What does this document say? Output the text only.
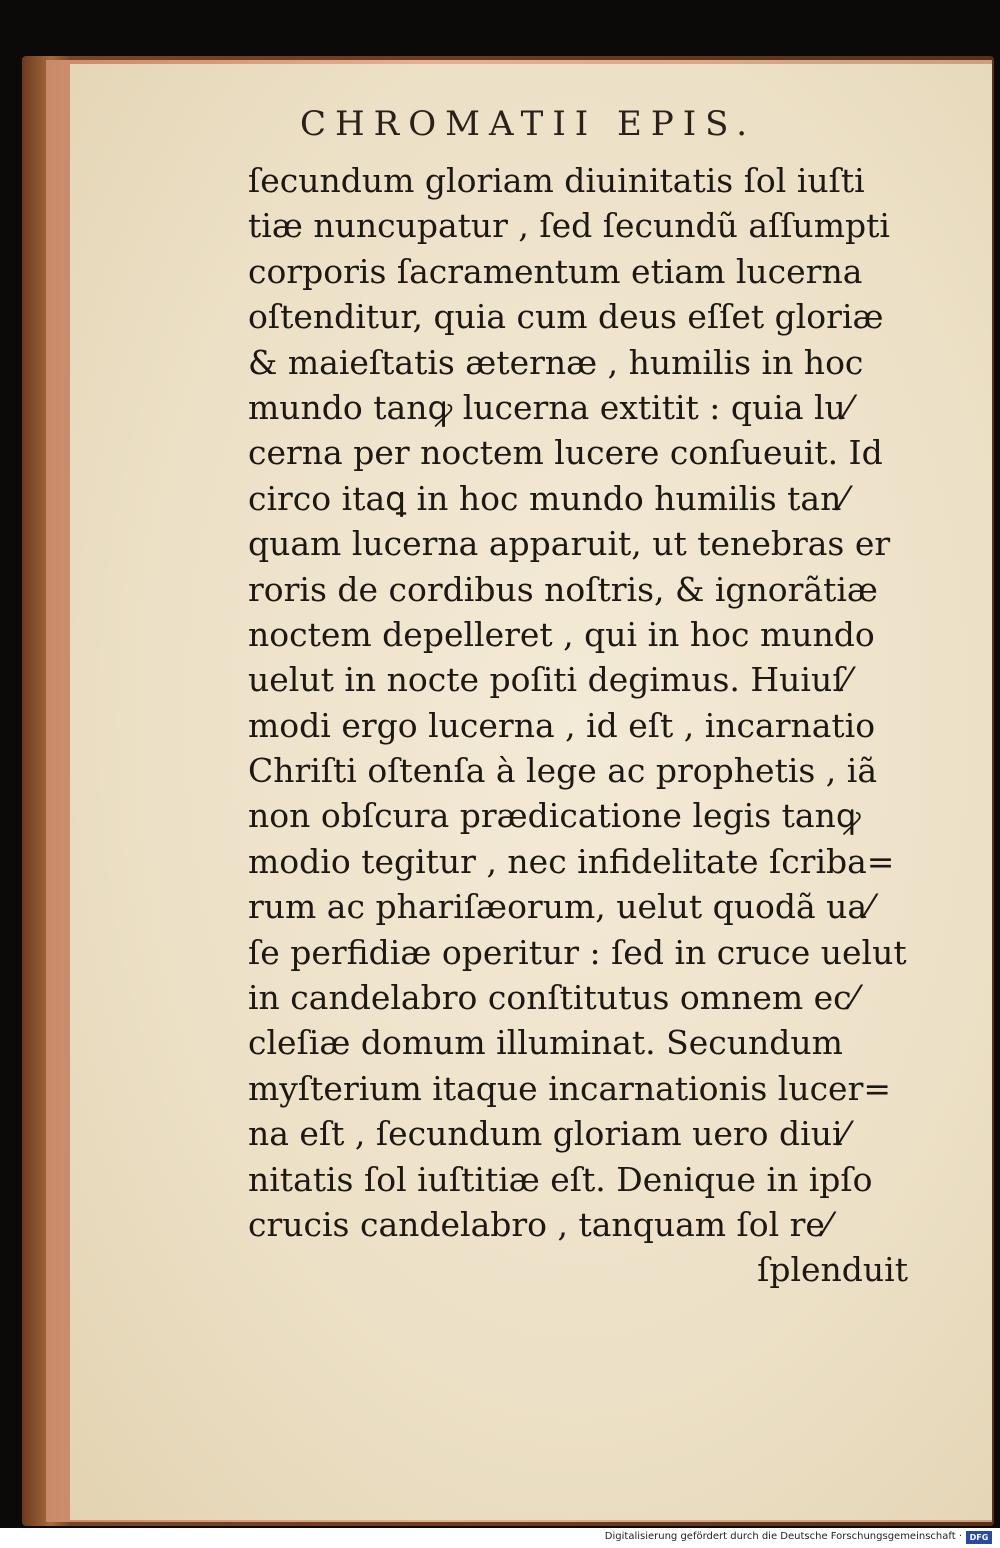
CHROMATII EPIS.
ſecundum gloriam diuinitatis ſol iuſti
tiæ nuncupatur , ſed ſecundũ aſſumpti
corporis ſacramentum etiam lucerna
oſtenditur, quia cum deus eſſet gloriæ
& maieſtatis æternæ , humilis in hoc
mundo tanꝙ lucerna extitit : quia lu⁄
cerna per noctem lucere conſueuit. Id
circo itaꝗ in hoc mundo humilis tan⁄
quam lucerna apparuit, ut tenebras er
roris de cordibus noſtris, & ignorãtiæ
noctem depelleret , qui in hoc mundo
uelut in nocte poſiti degimus. Huiuſ⁄
modi ergo lucerna , id eſt , incarnatio
Chriſti oſtenſa à lege ac prophetis , iã
non obſcura prædicatione legis tanꝙ
modio tegitur , nec infidelitate ſcriba=
rum ac phariſæorum, uelut quodã ua⁄
ſe perfidiæ operitur : ſed in cruce uelut
in candelabro conſtitutus omnem ec⁄
cleſiæ domum illuminat. Secundum
myſterium itaque incarnationis lucer=
na eſt , ſecundum gloriam uero diui⁄
nitatis ſol iuſtitiæ eſt. Denique in ipſo
crucis candelabro , tanquam ſol re⁄
ſplenduit
Digitalisierung gefördert durch die Deutsche Forschungsgemeinschaft · DFG
